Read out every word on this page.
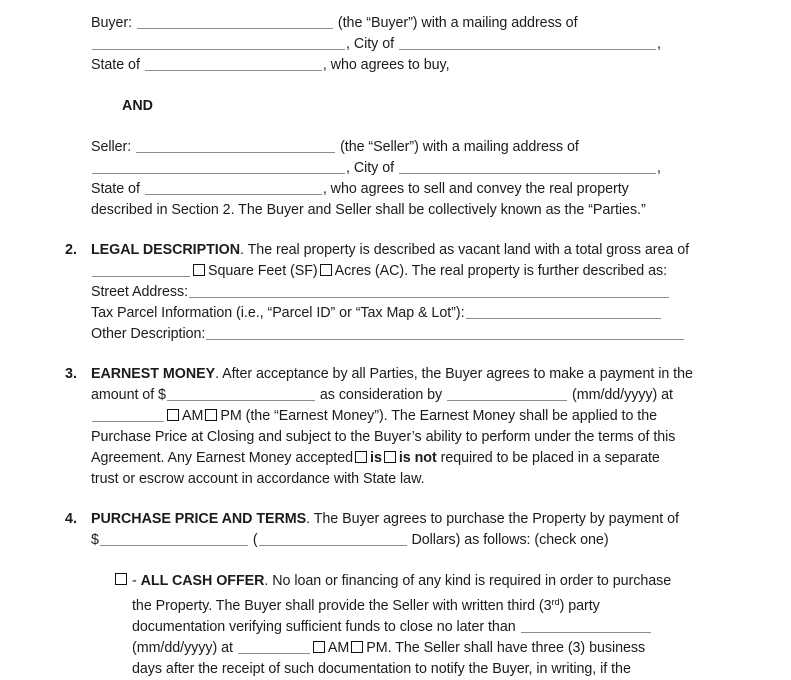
Buyer:	(the “Buyer”) with a mailing address of
, City of	,
State of	, who agrees to buy,
AND
Seller:	(the “Seller”) with a mailing address of
, City of	,
State of	, who agrees to sell and convey the real property
described in Section 2. The Buyer and Seller shall be collectively known as the “Parties.”
2. LEGAL DESCRIPTION. The real property is described as vacant land with a total gross area of
Square Feet (SF) Acres (AC). The real property is further described as:
Street Address:
Tax Parcel Information (i.e., “Parcel ID” or “Tax Map & Lot”):
Other Description:
3. EARNEST MONEY. After acceptance by all Parties, the Buyer agrees to make a payment in the
amount of $	as consideration by	(mm/dd/yyyy) at
AM PM (the “Earnest Money”). The Earnest Money shall be applied to the
Purchase Price at Closing and subject to the Buyer’s ability to perform under the terms of this
Agreement. Any Earnest Money accepted is is not required to be placed in a separate
trust or escrow account in accordance with State law.
4. PURCHASE PRICE AND TERMS. The Buyer agrees to purchase the Property by payment of
$	(	Dollars) as follows: (check one)
- ALL CASH OFFER. No loan or financing of any kind is required in order to purchase
the Property. The Buyer shall provide the Seller with written third (3rd) party
documentation verifying sufficient funds to close no later than
(mm/dd/yyyy) at	AM PM. The Seller shall have three (3) business
days after the receipt of such documentation to notify the Buyer, in writing, if the
